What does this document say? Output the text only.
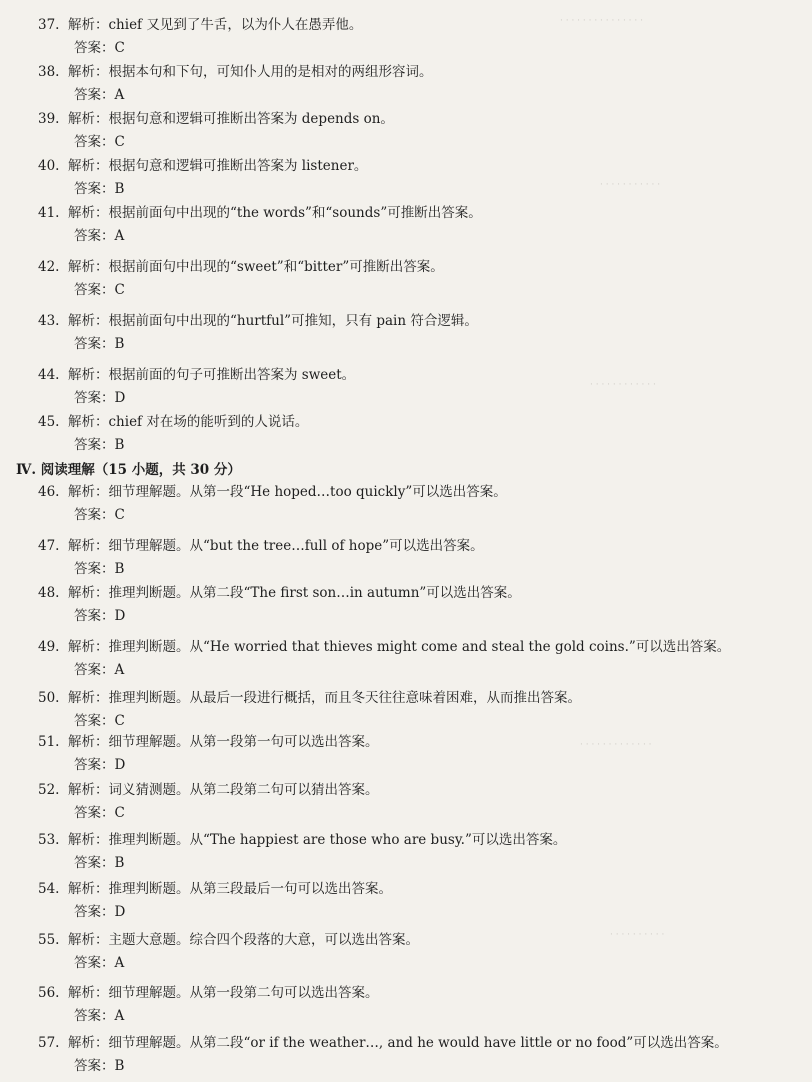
· · · · · · · · · · · · · · ·
· · · · · · · · · · ·
· · · · · · · · · · · ·
· · · · · · · · · · · · ·
· · · · · · · · · ·
Ⅳ. 阅读理解（15 小题，共 30 分）
37. 解析：chief 又见到了牛舌，以为仆人在愚弄他。
答案：C
38. 解析：根据本句和下句，可知仆人用的是相对的两组形容词。
答案：A
39. 解析：根据句意和逻辑可推断出答案为 depends on。
答案：C
40. 解析：根据句意和逻辑可推断出答案为 listener。
答案：B
41. 解析：根据前面句中出现的“the words”和“sounds”可推断出答案。
答案：A
42. 解析：根据前面句中出现的“sweet”和“bitter”可推断出答案。
答案：C
43. 解析：根据前面句中出现的“hurtful”可推知，只有 pain 符合逻辑。
答案：B
44. 解析：根据前面的句子可推断出答案为 sweet。
答案：D
45. 解析：chief 对在场的能听到的人说话。
答案：B
46. 解析：细节理解题。从第一段“He hoped…too quickly”可以选出答案。
答案：C
47. 解析：细节理解题。从“but the tree…full of hope”可以选出答案。
答案：B
48. 解析：推理判断题。从第二段“The first son…in autumn”可以选出答案。
答案：D
49. 解析：推理判断题。从“He worried that thieves might come and steal the gold coins.”可以选出答案。
答案：A
50. 解析：推理判断题。从最后一段进行概括，而且冬天往往意味着困难，从而推出答案。
答案：C
51. 解析：细节理解题。从第一段第一句可以选出答案。
答案：D
52. 解析：词义猜测题。从第二段第二句可以猜出答案。
答案：C
53. 解析：推理判断题。从“The happiest are those who are busy.”可以选出答案。
答案：B
54. 解析：推理判断题。从第三段最后一句可以选出答案。
答案：D
55. 解析：主题大意题。综合四个段落的大意，可以选出答案。
答案：A
56. 解析：细节理解题。从第一段第二句可以选出答案。
答案：A
57. 解析：细节理解题。从第二段“or if the weather…, and he would have little or no food”可以选出答案。
答案：B
